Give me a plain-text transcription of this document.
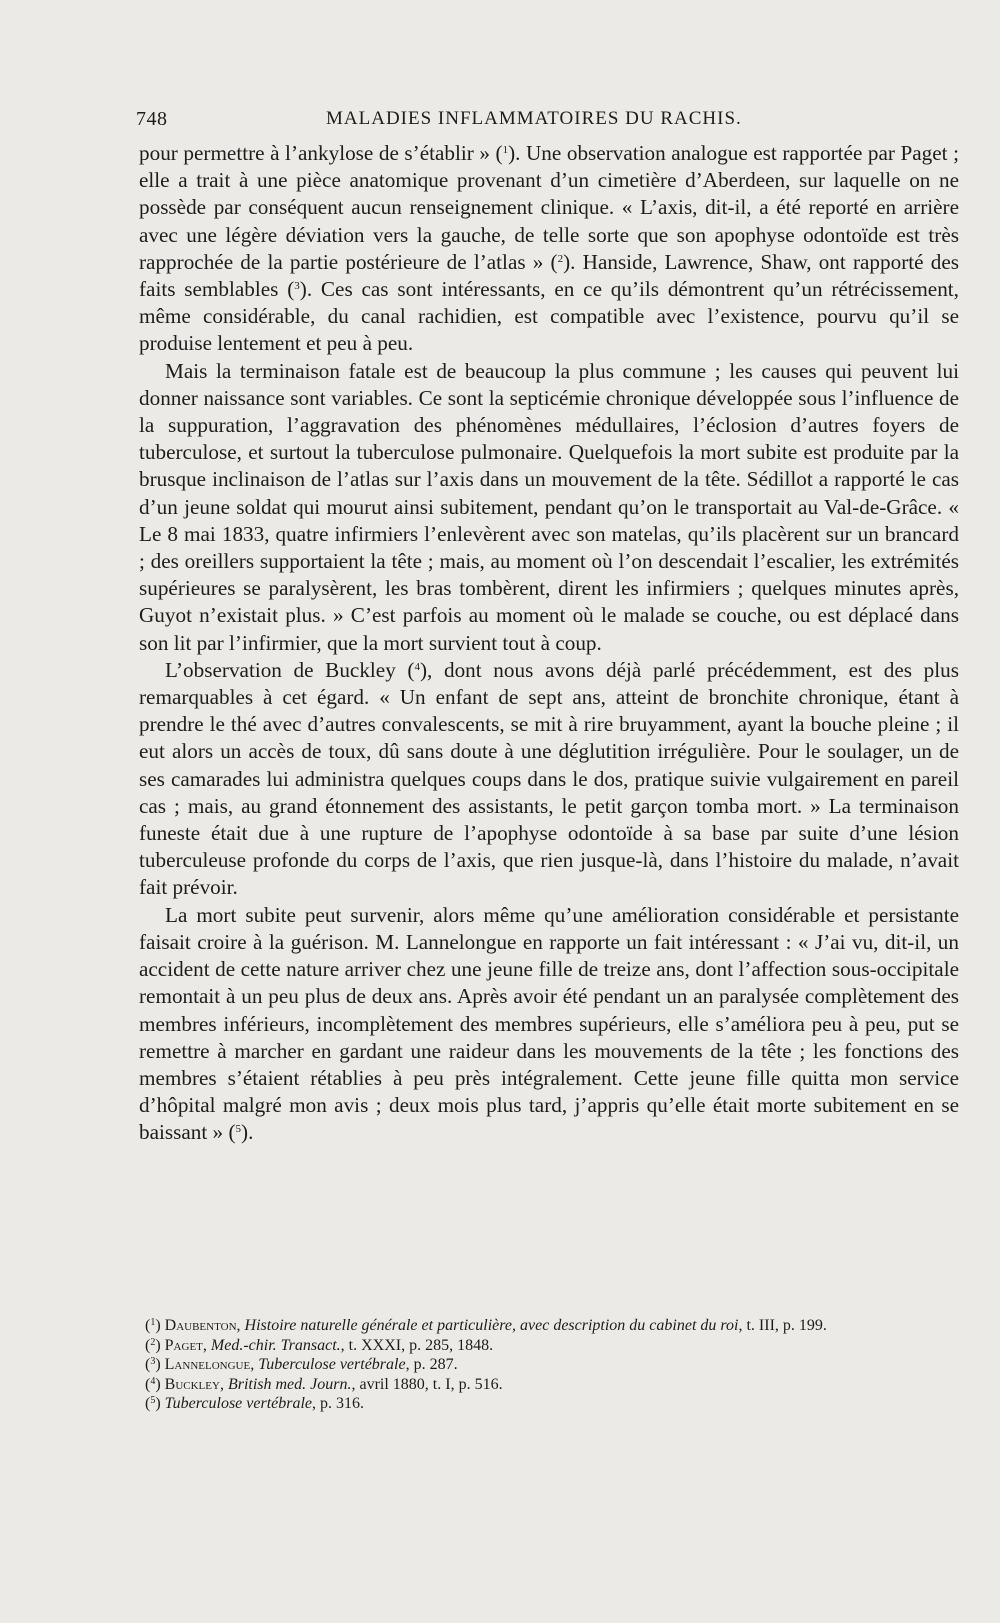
748	MALADIES INFLAMMATOIRES DU RACHIS.

pour permettre à l’ankylose de s’établir » ($^1$). Une observation analogue est rapportée par Paget ; elle a trait à une pièce anatomique provenant d’un cimetière d’Aberdeen, sur laquelle on ne possède par conséquent aucun renseignement clinique. « L’axis, dit-il, a été reporté en arrière avec une légère déviation vers la gauche, de telle sorte que son apophyse odontoïde est très rapprochée de la partie postérieure de l’atlas » ($^2$). Hanside, Lawrence, Shaw, ont rapporté des faits semblables ($^3$). Ces cas sont intéressants, en ce qu’ils démontrent qu’un rétrécissement, même considérable, du canal rachidien, est compatible avec l’existence, pourvu qu’il se produise lentement et peu à peu.

Mais la terminaison fatale est de beaucoup la plus commune ; les causes qui peuvent lui donner naissance sont variables. Ce sont la septicémie chronique développée sous l’influence de la suppuration, l’aggravation des phénomènes médullaires, l’éclosion d’autres foyers de tuberculose, et surtout la tuberculose pulmonaire. Quelquefois la mort subite est produite par la brusque inclinaison de l’atlas sur l’axis dans un mouvement de la tête. Sédillot a rapporté le cas d’un jeune soldat qui mourut ainsi subitement, pendant qu’on le transportait au Val-de-Grâce. « Le 8 mai 1833, quatre infirmiers l’enlevèrent avec son matelas, qu’ils placèrent sur un brancard ; des oreillers supportaient la tête ; mais, au moment où l’on descendait l’escalier, les extrémités supérieures se paralysèrent, les bras tombèrent, dirent les infirmiers ; quelques minutes après, Guyot n’existait plus. » C’est parfois au moment où le malade se couche, ou est déplacé dans son lit par l’infirmier, que la mort survient tout à coup.

L’observation de Buckley ($^4$), dont nous avons déjà parlé précédemment, est des plus remarquables à cet égard. « Un enfant de sept ans, atteint de bronchite chronique, étant à prendre le thé avec d’autres convalescents, se mit à rire bruyamment, ayant la bouche pleine ; il eut alors un accès de toux, dû sans doute à une déglutition irrégulière. Pour le soulager, un de ses camarades lui administra quelques coups dans le dos, pratique suivie vulgairement en pareil cas ; mais, au grand étonnement des assistants, le petit garçon tomba mort. » La terminaison funeste était due à une rupture de l’apophyse odontoïde à sa base par suite d’une lésion tuberculeuse profonde du corps de l’axis, que rien jusque-là, dans l’histoire du malade, n’avait fait prévoir.

La mort subite peut survenir, alors même qu’une amélioration considérable et persistante faisait croire à la guérison. M. Lannelongue en rapporte un fait intéressant : « J’ai vu, dit-il, un accident de cette nature arriver chez une jeune fille de treize ans, dont l’affection sous-occipitale remontait à un peu plus de deux ans. Après avoir été pendant un an paralysée complètement des membres inférieurs, incomplètement des membres supérieurs, elle s’améliora peu à peu, put se remettre à marcher en gardant une raideur dans les mouvements de la tête ; les fonctions des membres s’étaient rétablies à peu près intégralement. Cette jeune fille quitta mon service d’hôpital malgré mon avis ; deux mois plus tard, j’appris qu’elle était morte subitement en se baissant » ($^5$).

($^1$) Daubenton, Histoire naturelle générale et particulière, avec description du cabinet du roi, t. III, p. 199.
($^2$) Paget, Med.-chir. Transact., t. XXXI, p. 285, 1848.
($^3$) Lannelongue, Tuberculose vertébrale, p. 287.
($^4$) Buckley, British med. Journ., avril 1880, t. I, p. 516.
($^5$) Tuberculose vertébrale, p. 316.
